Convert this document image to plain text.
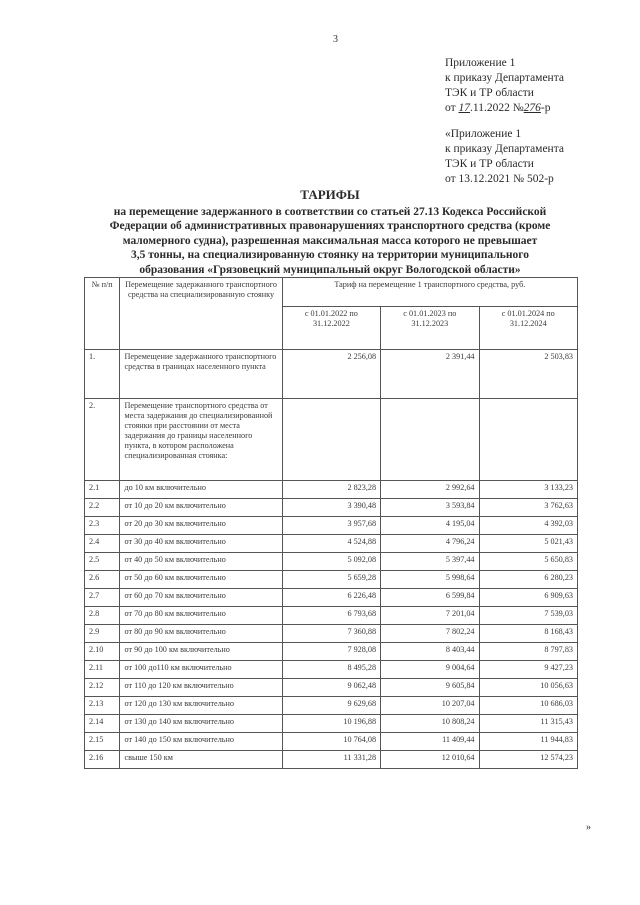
3
Приложение 1
к приказу Департамента
ТЭК и ТР области
от 17.11.2022 №276-р
«Приложение 1
к приказу Департамента
ТЭК и ТР области
от 13.12.2021 № 502-р
ТАРИФЫ
на перемещение задержанного в соответствии со статьей 27.13 Кодекса Российской
Федерации об административных правонарушениях транспортного средства (кроме
маломерного судна), разрешенная максимальная масса которого не превышает
3,5 тонны, на специализированную стоянку на территории муниципального
образования «Грязовецкий муниципальный округ Вологодской области»
№ п/п	Перемещение задержанного транспортного средства на специализированную стоянку	Тариф на перемещение 1 транспортного средства, руб.		
		с 01.01.2022 по 31.12.2022	с 01.01.2023 по 31.12.2023	с 01.01.2024 по 31.12.2024
1.	Перемещение задержанного транспортного средства в границах населенного пункта	2 256,08	2 391,44	2 503,83
2.	Перемещение транспортного средства от места задержания до специализированной стоянки при расстоянии от места задержания до границы населенного пункта, в котором расположена специализированная стоянка:			
2.1	до 10 км включительно	2 823,28	2 992,64	3 133,23
2.2	от 10 до 20 км включительно	3 390,48	3 593,84	3 762,63
2.3	от 20 до 30 км включительно	3 957,68	4 195,04	4 392,03
2.4	от 30 до 40 км включительно	4 524,88	4 796,24	5 021,43
2.5	от 40 до 50 км включительно	5 092,08	5 397,44	5 650,83
2.6	от 50 до 60 км включительно	5 659,28	5 998,64	6 280,23
2.7	от 60 до 70 км включительно	6 226,48	6 599,84	6 909,63
2.8	от 70 до 80 км включительно	6 793,68	7 201,04	7 539,03
2.9	от 80 до 90 км включительно	7 360,88	7 802,24	8 168,43
2.10	от 90 до 100 км включительно	7 928,08	8 403,44	8 797,83
2.11	от 100 до110 км включительно	8 495,28	9 004,64	9 427,23
2.12	от 110 до 120 км включительно	9 062,48	9 605,84	10 056,63
2.13	от 120 до 130 км включительно	9 629,68	10 207,04	10 686,03
2.14	от 130 до 140 км включительно	10 196,88	10 808,24	11 315,43
2.15	от 140 до 150 км включительно	10 764,08	11 409,44	11 944,83
2.16	свыше 150 км	11 331,28	12 010,64	12 574,23
»
